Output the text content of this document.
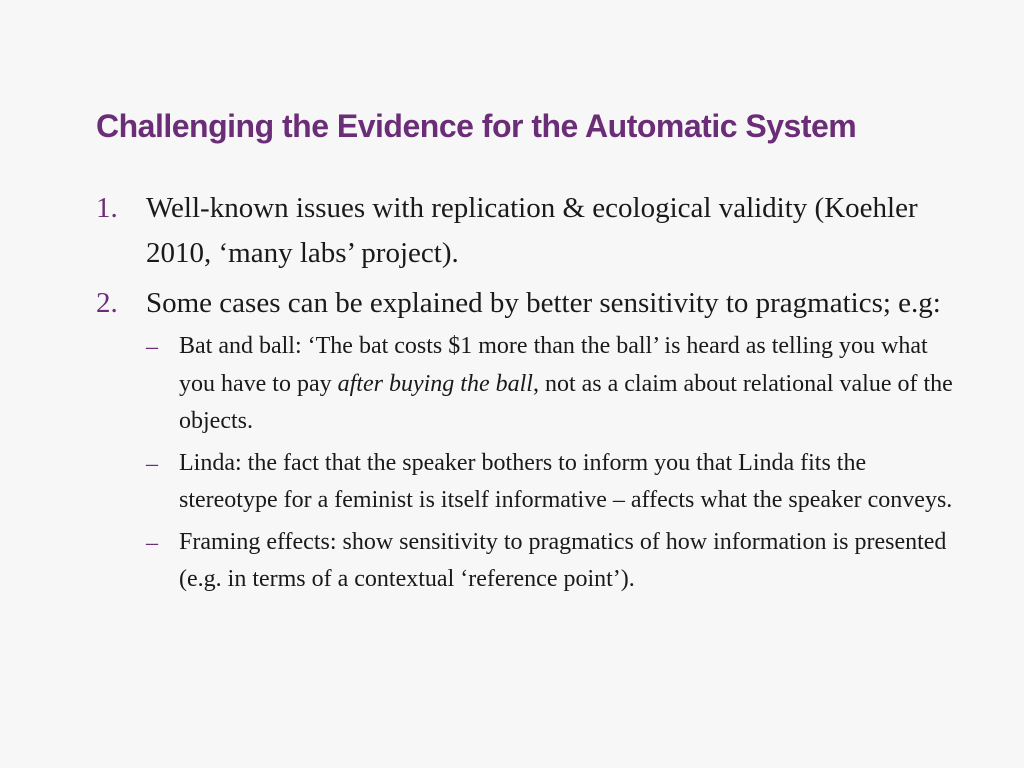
Challenging the Evidence for the Automatic System
1. Well-known issues with replication & ecological validity (Koehler 2010, ‘many labs’ project).
2. Some cases can be explained by better sensitivity to pragmatics; e.g:
– Bat and ball: ‘The bat costs $1 more than the ball’ is heard as telling you what you have to pay after buying the ball, not as a claim about relational value of the objects.
– Linda: the fact that the speaker bothers to inform you that Linda fits the stereotype for a feminist is itself informative – affects what the speaker conveys.
– Framing effects: show sensitivity to pragmatics of how information is presented (e.g. in terms of a contextual ‘reference point’).
